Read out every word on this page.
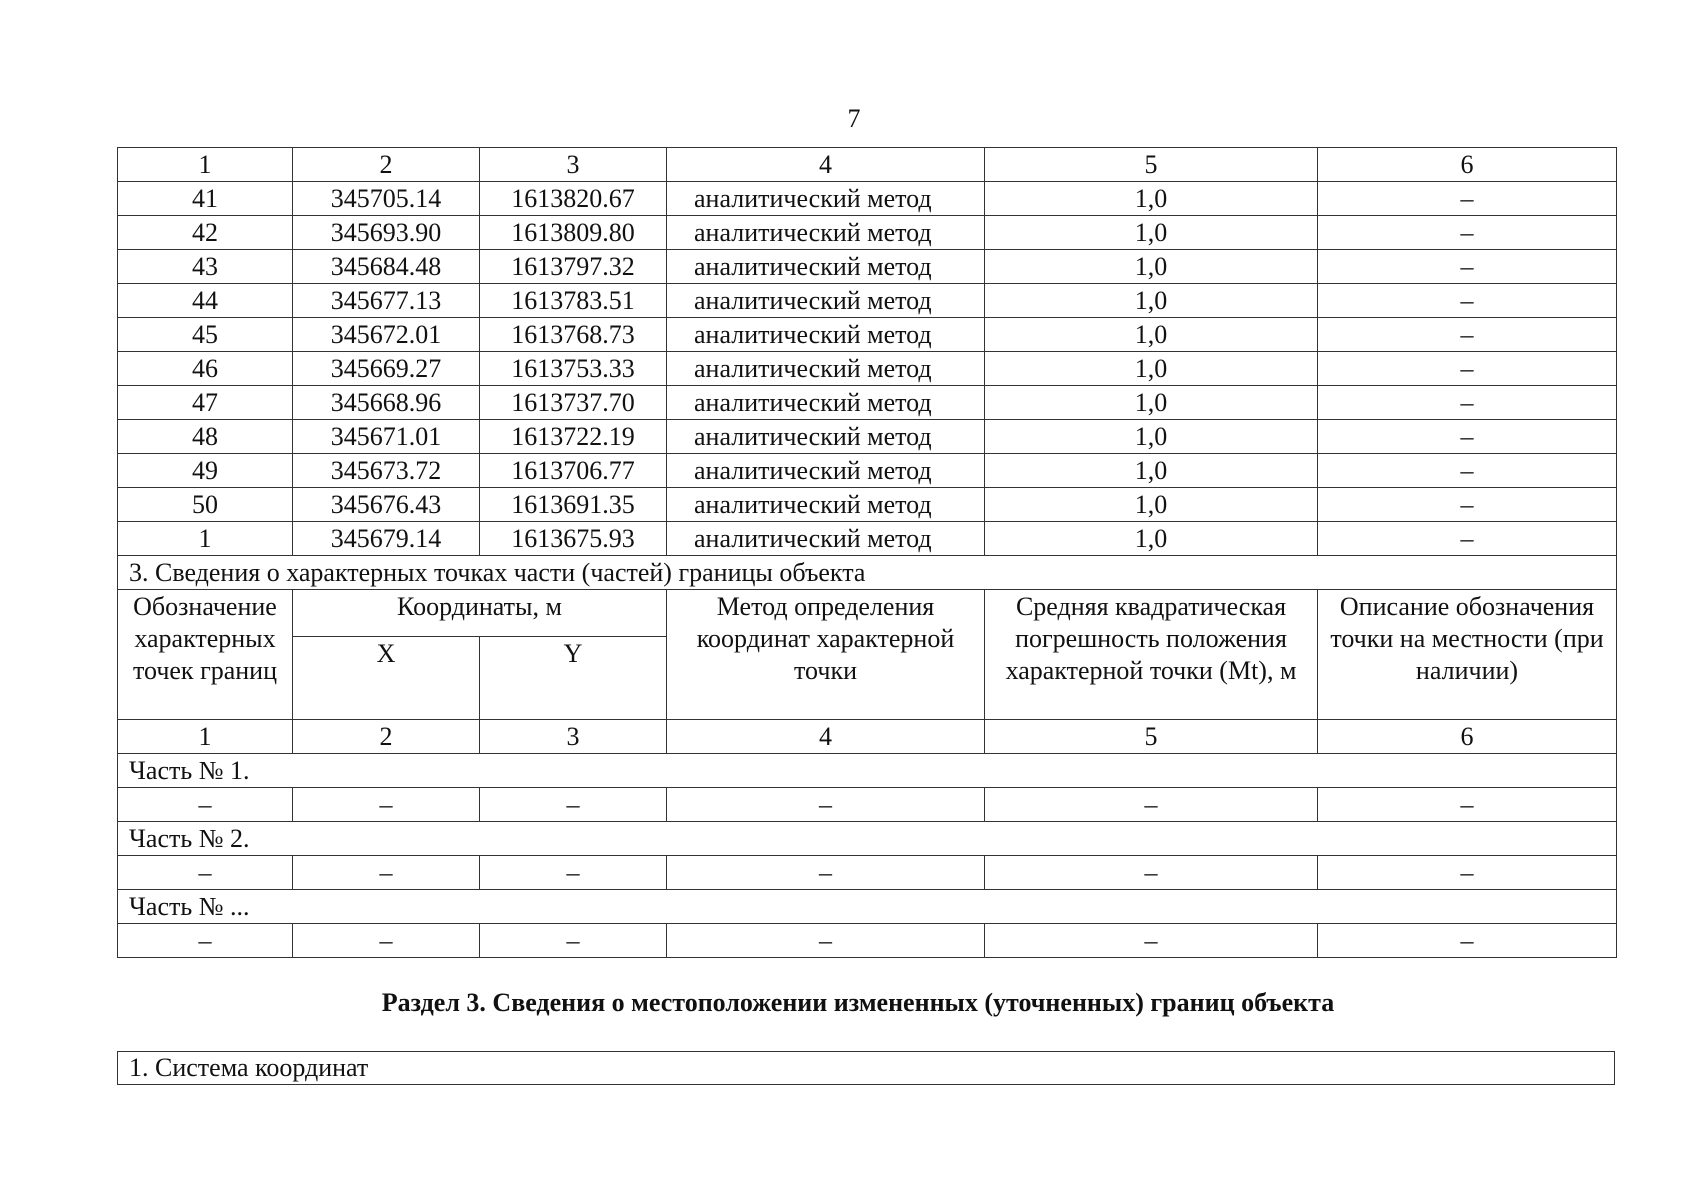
7
1	2	3	4	5	6
41	345705.14	1613820.67	аналитический метод	1,0	–
42	345693.90	1613809.80	аналитический метод	1,0	–
43	345684.48	1613797.32	аналитический метод	1,0	–
44	345677.13	1613783.51	аналитический метод	1,0	–
45	345672.01	1613768.73	аналитический метод	1,0	–
46	345669.27	1613753.33	аналитический метод	1,0	–
47	345668.96	1613737.70	аналитический метод	1,0	–
48	345671.01	1613722.19	аналитический метод	1,0	–
49	345673.72	1613706.77	аналитический метод	1,0	–
50	345676.43	1613691.35	аналитический метод	1,0	–
1	345679.14	1613675.93	аналитический метод	1,0	–
3. Сведения о характерных точках части (частей) границы объекта					
Обозначение характерных точек границ	Координаты, м		Метод определения координат характерной точки	Средняя квадратическая погрешность положения характерной точки (Mt), м	Описание обозначения точки на местности (при наличии)
	X	Y			
1	2	3	4	5	6
Часть № 1.					
–	–	–	–	–	–
Часть № 2.					
–	–	–	–	–	–
Часть № ...					
–	–	–	–	–	–
Раздел 3. Сведения о местоположении измененных (уточненных) границ объекта
1. Система координат
